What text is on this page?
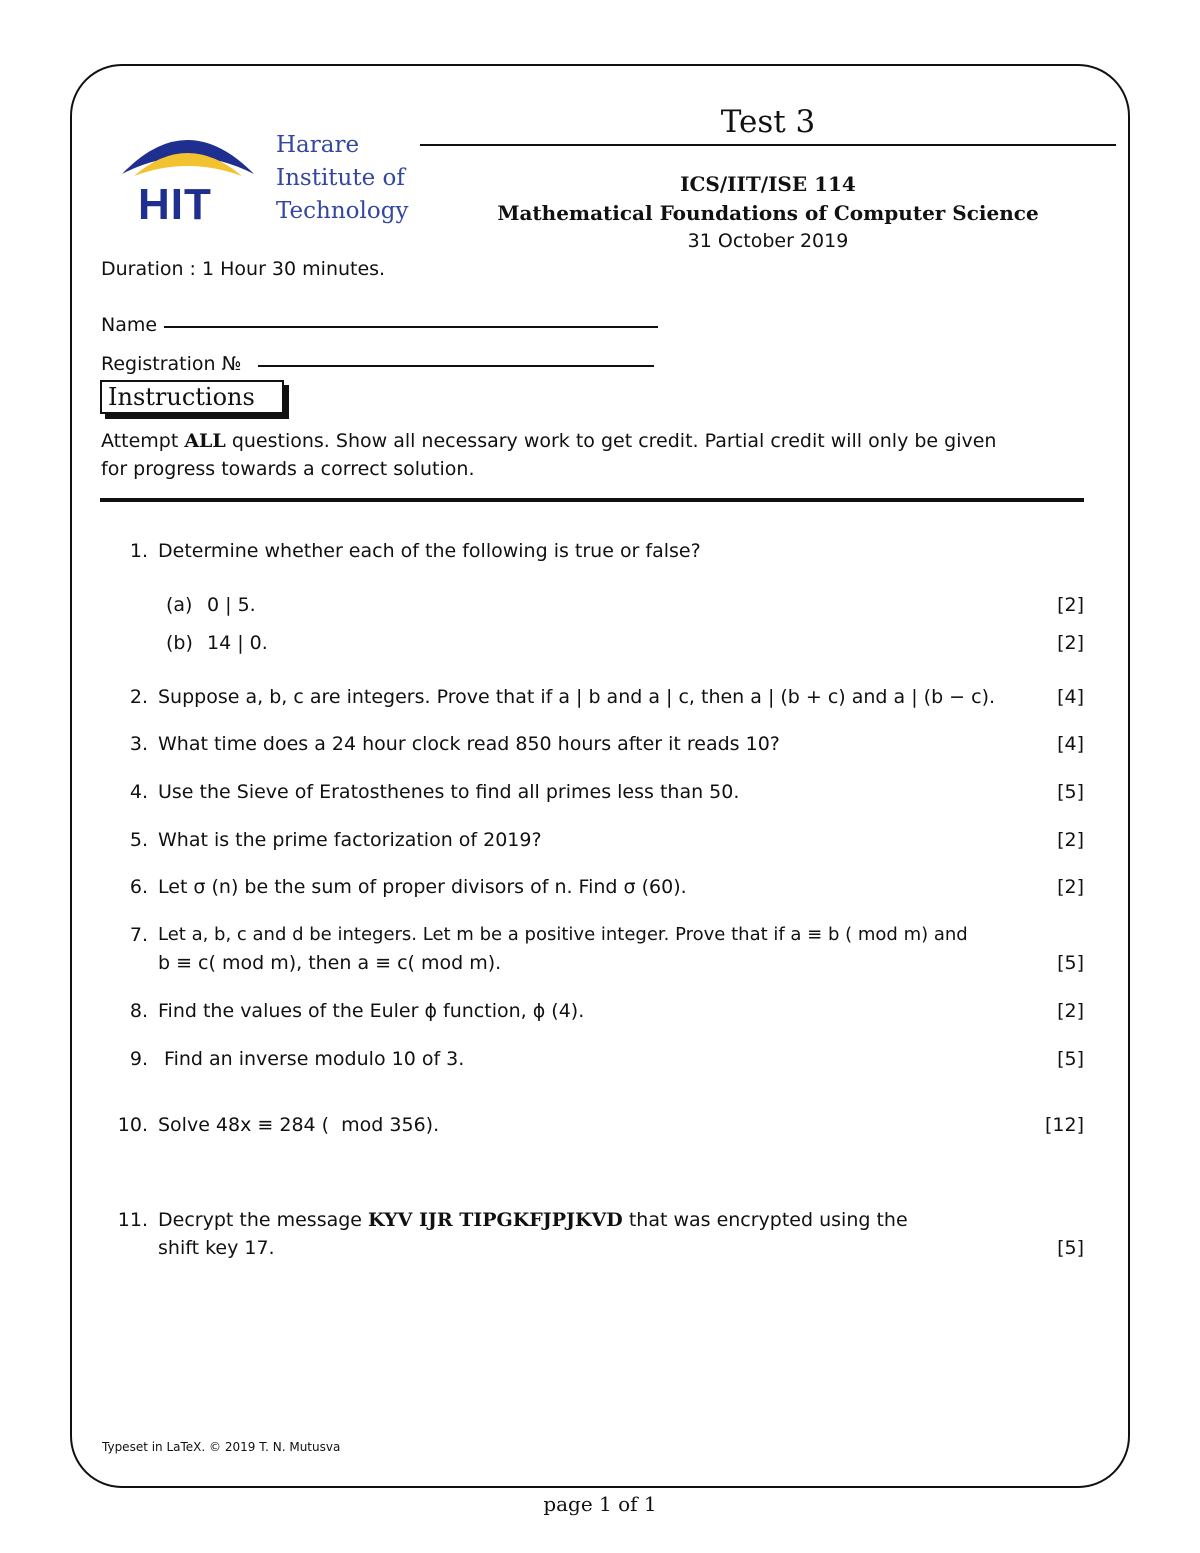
HIT
Harare
Institute of
Technology
Test 3
ICS/IIT/ISE 114
Mathematical Foundations of Computer Science
31 October 2019
Duration : 1 Hour 30 minutes.
Name
Registration №
Instructions
Attempt ALL questions. Show all necessary work to get credit. Partial credit will only be given
for progress towards a correct solution.
1. Determine whether each of the following is true or false?
(a) 0 | 5.	[2]
(b) 14 | 0.	[2]
2. Suppose a, b, c are integers. Prove that if a | b and a | c, then a | (b + c) and a | (b − c).	[4]
3. What time does a 24 hour clock read 850 hours after it reads 10?	[4]
4. Use the Sieve of Eratosthenes to find all primes less than 50.	[5]
5. What is the prime factorization of 2019?	[2]
6. Let σ (n) be the sum of proper divisors of n. Find σ (60).	[2]
7. Let a, b, c and d be integers. Let m be a positive integer. Prove that if a ≡ b ( mod m) and
b ≡ c( mod m), then a ≡ c( mod m).	[5]
8. Find the values of the Euler ϕ function, ϕ (4).	[2]
9. Find an inverse modulo 10 of 3.	[5]
10. Solve 48x ≡ 284 (  mod 356).	[12]
11. Decrypt the message KYV IJR TIPGKFJPJKVD that was encrypted using the
shift key 17.	[5]
Typeset in LaTeX. © 2019 T. N. Mutusva
page 1 of 1
